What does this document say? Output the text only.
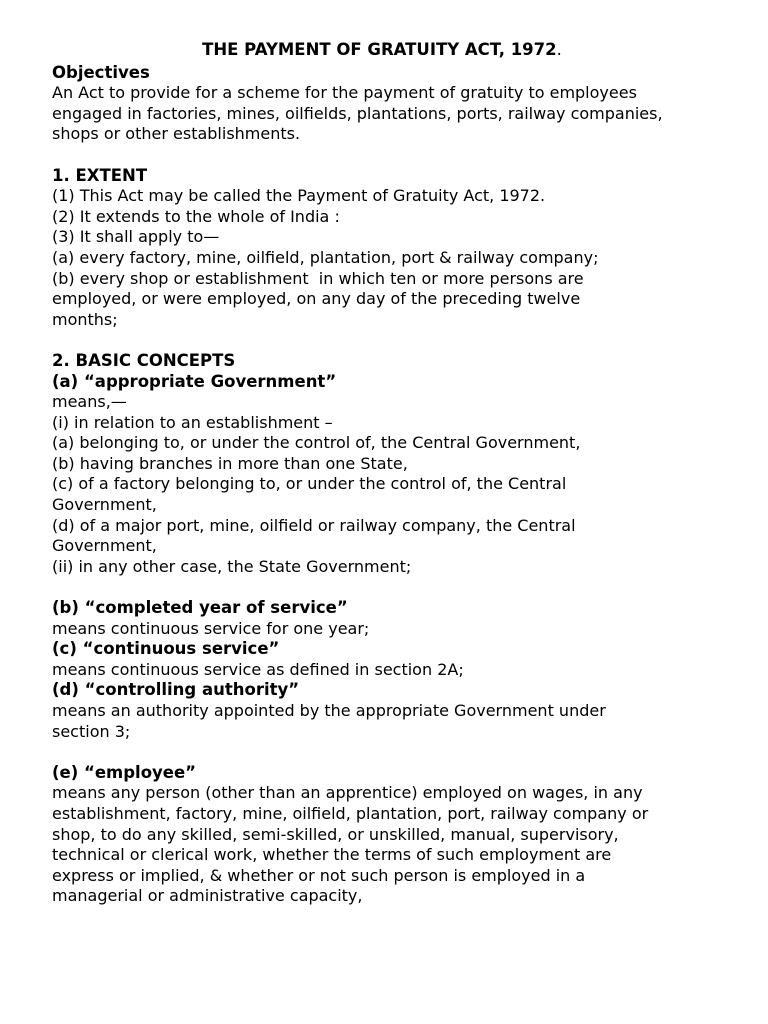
THE PAYMENT OF GRATUITY ACT, 1972.
Objectives
An Act to provide for a scheme for the payment of gratuity to employees
engaged in factories, mines, oilfields, plantations, ports, railway companies,
shops or other establishments.
1. EXTENT
(1) This Act may be called the Payment of Gratuity Act, 1972.
(2) It extends to the whole of India :
(3) It shall apply to—
(a) every factory, mine, oilfield, plantation, port & railway company;
(b) every shop or establishment  in which ten or more persons are
employed, or were employed, on any day of the preceding twelve
months;
2. BASIC CONCEPTS
(a) “appropriate Government”
means,—
(i) in relation to an establishment –
(a) belonging to, or under the control of, the Central Government,
(b) having branches in more than one State,
(c) of a factory belonging to, or under the control of, the Central
Government,
(d) of a major port, mine, oilfield or railway company, the Central
Government,
(ii) in any other case, the State Government;
(b) “completed year of service”
means continuous service for one year;
(c) “continuous service”
means continuous service as defined in section 2A;
(d) “controlling authority”
means an authority appointed by the appropriate Government under
section 3;
(e) “employee”
means any person (other than an apprentice) employed on wages, in any
establishment, factory, mine, oilfield, plantation, port, railway company or
shop, to do any skilled, semi-skilled, or unskilled, manual, supervisory,
technical or clerical work, whether the terms of such employment are
express or implied, & whether or not such person is employed in a
managerial or administrative capacity,
